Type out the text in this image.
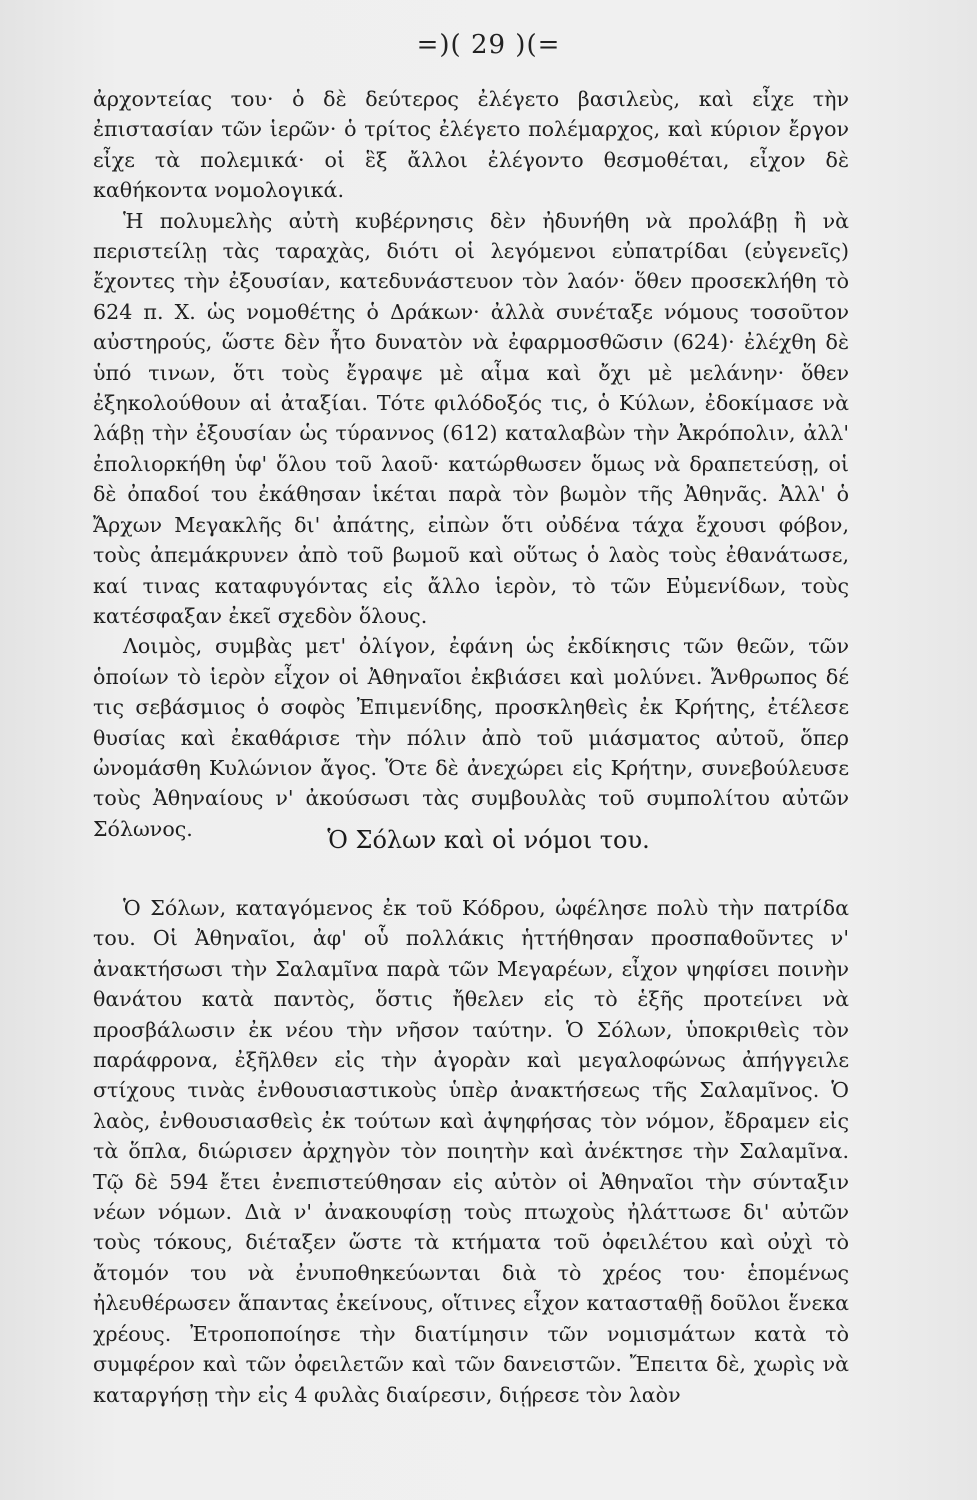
=)( 29 )(=

ἀρχοντείας του· ὁ δὲ δεύτερος ἐλέγετο βασιλεὺς, καὶ εἶχε τὴν ἐπιστασίαν τῶν ἱερῶν· ὁ τρίτος ἐλέγετο πολέμαρχος, καὶ κύριον ἔργον εἶχε τὰ πολεμικά· οἱ ἓξ ἄλλοι ἐλέγοντο θεσμοθέται, εἶχον δὲ καθήκοντα νομολογικά.

Ἡ πολυμελὴς αὐτὴ κυβέρνησις δὲν ἠδυνήθη νὰ προλάβῃ ἢ νὰ περιστείλῃ τὰς ταραχὰς, διότι οἱ λεγόμενοι εὐπατρίδαι (εὐγενεῖς) ἔχοντες τὴν ἐξουσίαν, κατεδυνάστευον τὸν λαόν· ὅθεν προσεκλήθη τὸ 624 π. Χ. ὡς νομοθέτης ὁ Δράκων· ἀλλὰ συνέταξε νόμους τοσοῦτον αὐστηρούς, ὥστε δὲν ἦτο δυνατὸν νὰ ἐφαρμοσθῶσιν (624)· ἐλέχθη δὲ ὑπό τινων, ὅτι τοὺς ἔγραψε μὲ αἷμα καὶ ὄχι μὲ μελάνην· ὅθεν ἐξηκολούθουν αἱ ἀταξίαι. Τότε φιλόδοξός τις, ὁ Κύλων, ἐδοκίμασε νὰ λάβῃ τὴν ἐξουσίαν ὡς τύραννος (612) καταλαβὼν τὴν Ἀκρόπολιν, ἀλλ' ἐπολιορκήθη ὑφ' ὅλου τοῦ λαοῦ· κατώρθωσεν ὅμως νὰ δραπετεύσῃ, οἱ δὲ ὀπαδοί του ἐκάθησαν ἱκέται παρὰ τὸν βωμὸν τῆς Ἀθηνᾶς. Ἀλλ' ὁ Ἄρχων Μεγακλῆς δι' ἀπάτης, εἰπὼν ὅτι οὐδένα τάχα ἔχουσι φόβον, τοὺς ἀπεμάκρυνεν ἀπὸ τοῦ βωμοῦ καὶ οὕτως ὁ λαὸς τοὺς ἐθανάτωσε, καί τινας καταφυγόντας εἰς ἄλλο ἱερὸν, τὸ τῶν Εὐμενίδων, τοὺς κατέσφαξαν ἐκεῖ σχεδὸν ὅλους.

Λοιμὸς, συμβὰς μετ' ὀλίγον, ἐφάνη ὡς ἐκδίκησις τῶν θεῶν, τῶν ὁποίων τὸ ἱερὸν εἶχον οἱ Ἀθηναῖοι ἐκβιάσει καὶ μολύνει. Ἄνθρωπος δέ τις σεβάσμιος ὁ σοφὸς Ἐπιμενίδης, προσκληθεὶς ἐκ Κρήτης, ἐτέλεσε θυσίας καὶ ἐκαθάρισε τὴν πόλιν ἀπὸ τοῦ μιάσματος αὐτοῦ, ὅπερ ὠνομάσθη Κυλώνιον ἄγος. Ὅτε δὲ ἀνεχώρει εἰς Κρήτην, συνεβούλευσε τοὺς Ἀθηναίους ν' ἀκούσωσι τὰς συμβουλὰς τοῦ συμπολίτου αὐτῶν Σόλωνος.	Ὁ Σόλων καὶ οἱ νόμοι του.

Ὁ Σόλων, καταγόμενος ἐκ τοῦ Κόδρου, ὠφέλησε πολὺ τὴν πατρίδα του. Οἱ Ἀθηναῖοι, ἀφ' οὗ πολλάκις ἡττήθησαν προσπαθοῦντες ν' ἀνακτήσωσι τὴν Σαλαμῖνα παρὰ τῶν Μεγαρέων, εἶχον ψηφίσει ποινὴν θανάτου κατὰ παντὸς, ὅστις ἤθελεν εἰς τὸ ἑξῆς προτείνει νὰ προσβάλωσιν ἐκ νέου τὴν νῆσον ταύτην. Ὁ Σόλων, ὑποκριθεὶς τὸν παράφρονα, ἐξῆλθεν εἰς τὴν ἀγορὰν καὶ μεγαλοφώνως ἀπήγγειλε στίχους τινὰς ἐνθουσιαστικοὺς ὑπὲρ ἀνακτήσεως τῆς Σαλαμῖνος. Ὁ λαὸς, ἐνθουσιασθεὶς ἐκ τούτων καὶ ἀψηφήσας τὸν νόμον, ἔδραμεν εἰς τὰ ὅπλα, διώρισεν ἀρχηγὸν τὸν ποιητὴν καὶ ἀνέκτησε τὴν Σαλαμῖνα. Τῷ δὲ 594 ἔτει ἐνεπιστεύθησαν εἰς αὐτὸν οἱ Ἀθηναῖοι τὴν σύνταξιν νέων νόμων. Διὰ ν' ἀνακουφίσῃ τοὺς πτωχοὺς ἠλάττωσε δι' αὐτῶν τοὺς τόκους, διέταξεν ὥστε τὰ κτήματα τοῦ ὀφειλέτου καὶ οὐχὶ τὸ ἄτομόν του νὰ ἐνυποθηκεύωνται διὰ τὸ χρέος του· ἑπομένως ἠλευθέρωσεν ἅπαντας ἐκείνους, οἵτινες εἶχον κατασταθῇ δοῦλοι ἕνεκα χρέους. Ἐτροποποίησε τὴν διατίμησιν τῶν νομισμάτων κατὰ τὸ συμφέρον καὶ τῶν ὀφειλετῶν καὶ τῶν δανειστῶν. Ἔπειτα δὲ, χωρὶς νὰ καταργήσῃ τὴν εἰς 4 φυλὰς διαίρεσιν, διῄρεσε τὸν λαὸν
